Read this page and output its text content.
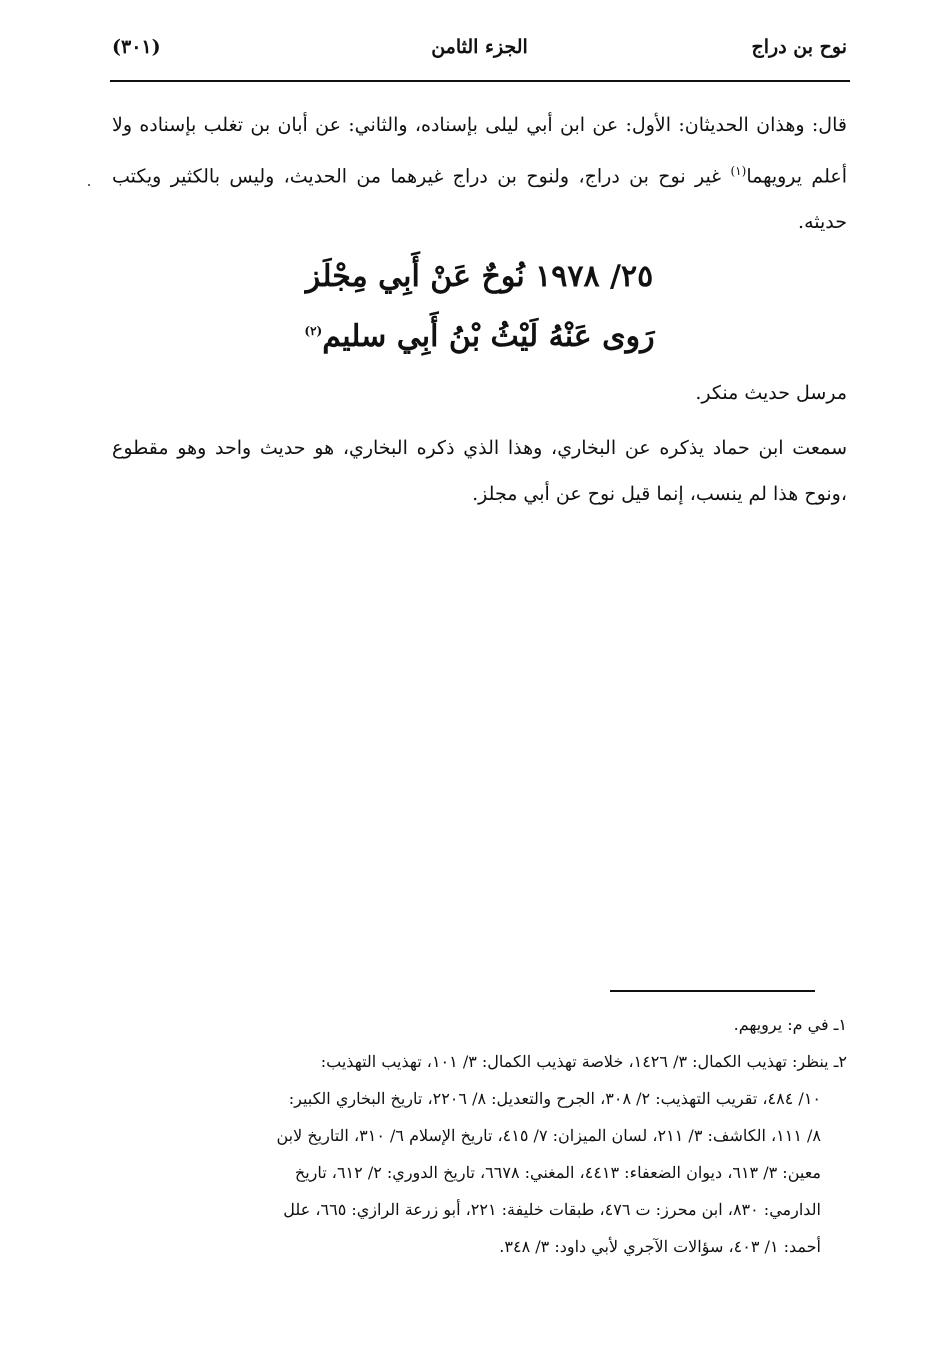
نوح بن دراج
الجزء الثامن
(٣٠١)
قال: وهذان الحديثان: الأول: عن ابن أبي ليلى بإسناده، والثاني: عن أبان بن تغلب بإسناده ولا أعلم يرويهما$^{(١)}$ غير نوح بن دراج، ولنوح بن دراج غيرهما من الحديث، وليس بالكثير ويكتب حديثه.
٢٥/ ١٩٧٨ نُوحٌ عَنْ أَبِي مِجْلَز
رَوى عَنْهُ لَيْثُ بْنُ أَبِي سليم$^{(٢)}$
مرسل حديث منكر.
سمعت ابن حماد يذكره عن البخاري، وهذا الذي ذكره البخاري، هو حديث واحد وهو مقطوع ،ونوح هذا لم ينسب، إنما قيل نوح عن أبي مجلز.
١ـ في م: يرويهم.
٢ـ ينظر: تهذيب الكمال: ٣/ ١٤٢٦، خلاصة تهذيب الكمال: ٣/ ١٠١، تهذيب التهذيب:
١٠/ ٤٨٤، تقريب التهذيب: ٢/ ٣٠٨، الجرح والتعديل: ٨/ ٢٢٠٦، تاريخ البخاري الكبير:
٨/ ١١١، الكاشف: ٣/ ٢١١، لسان الميزان: ٧/ ٤١٥، تاريخ الإسلام ٦/ ٣١٠، التاريخ لابن
معين: ٣/ ٦١٣، ديوان الضعفاء: ٤٤١٣، المغني: ٦٦٧٨، تاريخ الدوري: ٢/ ٦١٢، تاريخ
الدارمي: ٨٣٠، ابن محرز: ت ٤٧٦، طبقات خليفة: ٢٢١، أبو زرعة الرازي: ٦٦٥، علل
أحمد: ١/ ٤٠٣، سؤالات الآجري لأبي داود: ٣/ ٣٤٨.
